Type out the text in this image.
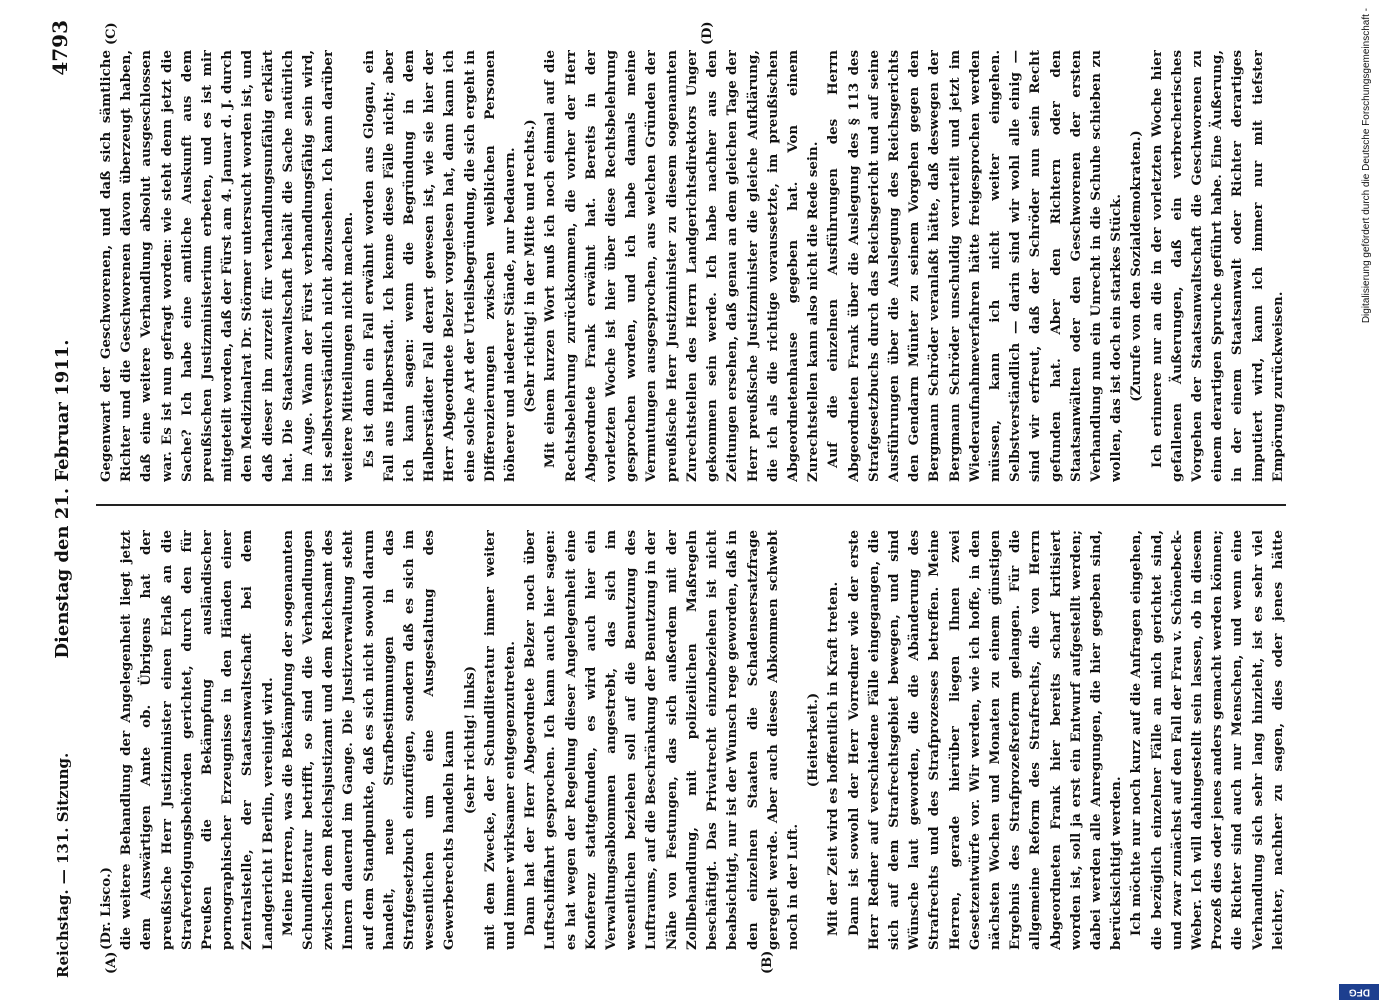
Reichstag. — 131. Sitzung.
Dienstag den 21. Februar 1911.
4793
(A)	(B)
(C)	(D)

(Dr. Lisco.) die weitere Behandlung der Angelegenheit liegt jetzt dem Auswärtigen Amte ob. Übrigens hat der preußische Herr Justizminister einen Erlaß an die Strafverfolgungsbehörden gerichtet, durch den für Preußen die Bekämpfung ausländischer pornographischer Erzeugnisse in den Händen einer Zentralstelle, der Staatsanwaltschaft bei dem Landgericht I Berlin, vereinigt wird. Meine Herren, was die Bekämpfung der sogenannten Schundliteratur betrifft, so sind die Verhandlungen zwischen dem Reichsjustizamt und dem Reichsamt des Innern dauernd im Gange. Die Justizverwaltung steht auf dem Standpunkte, daß es sich nicht sowohl darum handelt, neue Strafbestimmungen in das Strafgesetzbuch einzufügen, sondern daß es sich im wesentlichen um eine Ausgestaltung des Gewerberechts handeln kann (sehr richtig! links) mit dem Zwecke, der Schundliteratur immer weiter und immer wirksamer entgegenzutreten. Dann hat der Herr Abgeordnete Belzer noch über Luftschiffahrt gesprochen. Ich kann auch hier sagen: es hat wegen der Regelung dieser Angelegenheit eine Konferenz stattgefunden, es wird auch hier ein Verwaltungsabkommen angestrebt, das sich im wesentlichen beziehen soll auf die Benutzung des Luftraums, auf die Beschränkung der Benutzung in der Nähe von Festungen, das sich außerdem mit der Zollbehandlung, mit polizeilichen Maßregeln beschäftigt. Das Privatrecht einzubeziehen ist nicht beabsichtigt, nur ist der Wunsch rege geworden, daß in den einzelnen Staaten die Schadensersatzfrage geregelt werde. Aber auch dieses Abkommen schwebt noch in der Luft.

(Heiterkeit.) Mit der Zeit wird es hoffentlich in Kraft treten. Dann ist sowohl der Herr Vorredner wie der erste Herr Redner auf verschiedene Fälle eingegangen, die sich auf dem Strafrechtsgebiet bewegen, und sind Wünsche laut geworden, die die Abänderung des Strafrechts und des Strafprozesses betreffen. Meine Herren, gerade hierüber liegen Ihnen zwei Gesetzentwürfe vor. Wir werden, wie ich hoffe, in den nächsten Wochen und Monaten zu einem günstigen Ergebnis des Strafprozeßreform gelangen. Für die allgemeine Reform des Strafrechts, die von Herrn Abgeordneten Frank hier bereits scharf kritisiert worden ist, soll ja erst ein Entwurf aufgestellt werden; dabei werden alle Anregungen, die hier gegeben sind, berücksichtigt werden. Ich möchte nur noch kurz auf die Anfragen eingehen, die bezüglich einzelner Fälle an mich gerichtet sind, und zwar zunächst auf den Fall der Frau v. Schönebeck-Weber. Ich will dahingestellt sein lassen, ob in diesem Prozeß dies oder jenes anders gemacht werden können; die Richter sind auch nur Menschen, und wenn eine Verhandlung sich sehr lang hinzieht, ist es sehr viel leichter, nachher zu sagen, dies oder jenes hätte

Gegenwart der Geschworenen, und daß sich sämtliche Richter und die Geschworenen davon überzeugt haben, daß eine weitere Verhandlung absolut ausgeschlossen war. Es ist nun gefragt worden: wie steht denn jetzt die Sache? Ich habe eine amtliche Auskunft aus dem preußischen Justizministerium erbeten, und es ist mir mitgeteilt worden, daß der Fürst am 4. Januar d. J. durch den Medizinalrat Dr. Störmer untersucht worden ist, und daß dieser ihn zurzeit für verhandlungsunfähig erklärt hat. Die Staatsanwaltschaft behält die Sache natürlich im Auge. Wann der Fürst verhandlungsfähig sein wird, ist selbstverständlich nicht abzusehen. Ich kann darüber weitere Mitteilungen nicht machen. Es ist dann ein Fall erwähnt worden aus Glogau, ein Fall aus Halberstadt. Ich kenne diese Fälle nicht; aber ich kann sagen: wenn die Begründung in dem Halberstädter Fall derart gewesen ist, wie sie hier der Herr Abgeordnete Belzer vorgelesen hat, dann kann ich eine solche Art der Urteilsbegründung, die sich ergeht in Differenzierungen zwischen weiblichen Personen höherer und niederer Stände, nur bedauern. (Sehr richtig! in der Mitte und rechts.) Mit einem kurzen Wort muß ich noch einmal auf die Rechtsbelehrung zurückkommen, die vorher der Herr Abgeordnete Frank erwähnt hat. Bereits in der vorletzten Woche ist hier über diese Rechtsbelehrung gesprochen worden, und ich habe damals meine Vermutungen ausgesprochen, aus welchen Gründen der preußische Herr Justizminister zu diesem sogenannten Zurechtstellen des Herrn Landgerichtsdirektors Unger gekommen sein werde. Ich habe nachher aus den Zeitungen ersehen, daß genau an dem gleichen Tage der Herr preußische Justizminister die gleiche Aufklärung, die ich als die richtige voraussetzte, im preußischen Abgeordnetenhause gegeben hat. Von einem Zurechtstellen kann also nicht die Rede sein. Auf die einzelnen Ausführungen des Herrn Abgeordneten Frank über die Auslegung des § 113 des Strafgesetzbuchs durch das Reichsgericht und auf seine Ausführungen über die Auslegung des Reichsgerichts den Gendarm Münter zu seinem Vorgehen gegen den Bergmann Schröder veranlaßt hätte, daß deswegen der Bergmann Schröder unschuldig verurteilt und jetzt im Wiederaufnahmeverfahren hätte freigesprochen werden müssen, kann ich nicht weiter eingehen. Selbstverständlich — darin sind wir wohl alle einig — sind wir erfreut, daß der Schröder nun sein Recht gefunden hat. Aber den Richtern oder den Staatsanwälten oder den Geschworenen der ersten Verhandlung nun ein Unrecht in die Schuhe schieben zu wollen, das ist doch ein starkes Stück. (Zurufe von den Sozialdemokraten.) Ich erinnere nur an die in der vorletzten Woche hier gefallenen Äußerungen, daß ein verbrecherisches Vorgehen der Staatsanwaltschaft die Geschworenen zu einem derartigen Spruche geführt habe. Eine Äußerung, in der einem Staatsanwalt oder Richter derartiges imputiert wird, kann ich immer nur mit tiefster Empörung zurückweisen.

Digitalisierung gefördert durch die Deutsche Forschungsgemeinschaft -
DFG
